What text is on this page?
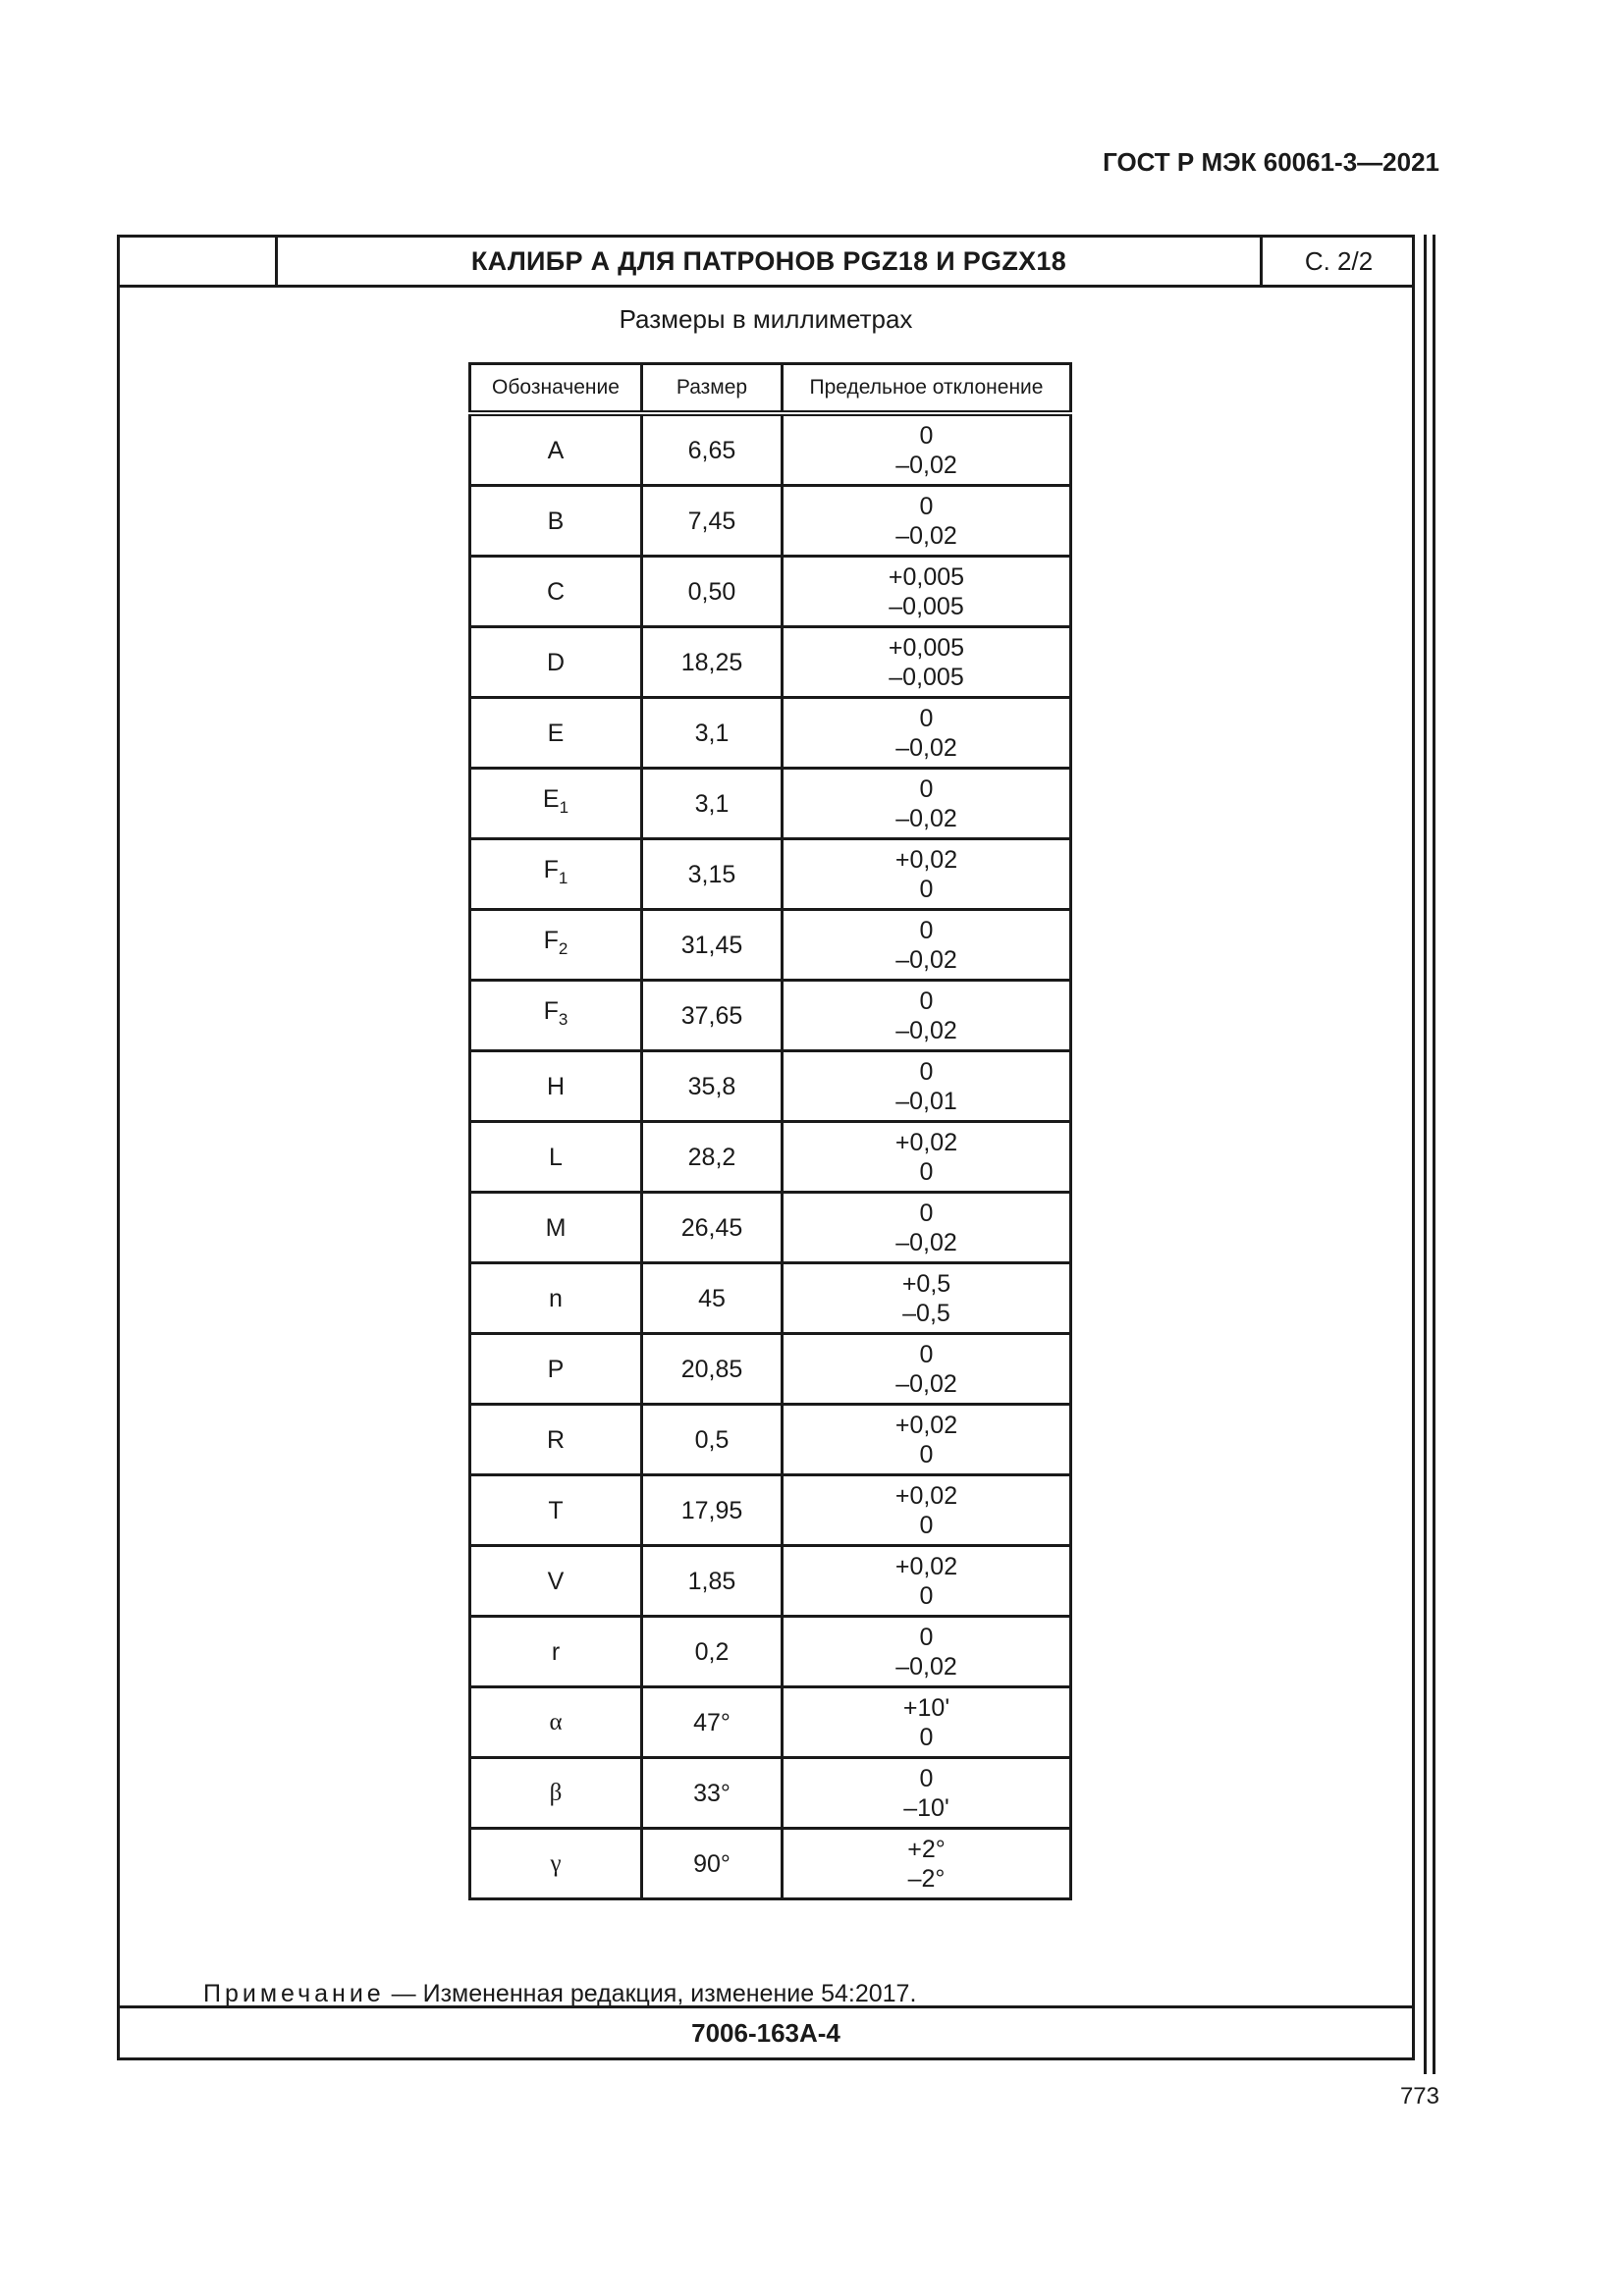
ГОСТ Р МЭК 60061-3—2021
КАЛИБР А ДЛЯ ПАТРОНОВ PGZ18 И PGZX18	С. 2/2
Размеры в миллиметрах
Обозначение	Размер	Предельное отклонение
A	6,65	0
–0,02

B	7,45	0
–0,02

C	0,50	+0,005
–0,005

D	18,25	+0,005
–0,005

E	3,1	0
–0,02

$E_1$	3,1	0
–0,02

$F_1$	3,15	+0,02
0

$F_2$	31,45	0
–0,02

$F_3$	37,65	0
–0,02

H	35,8	0
–0,01

L	28,2	+0,02
0

M	26,45	0
–0,02

n	45	+0,5
–0,5

P	20,85	0
–0,02

R	0,5	+0,02
0

T	17,95	+0,02
0

V	1,85	+0,02
0

r	0,2	0
–0,02

α	47°	+10'
0

β	33°	0
–10'

γ	90°	+2°
–2°
Примечание — Измененная редакция, изменение 54:2017.
7006-163A-4
773
